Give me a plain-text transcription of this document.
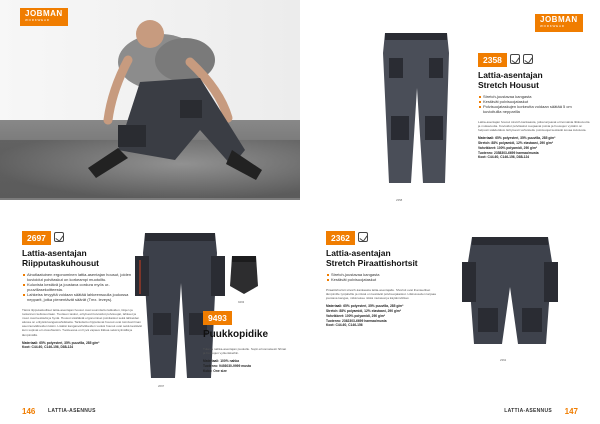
2697
Lattia-asentajan
Riipputaskuhousut
Ainutlaatuinen ergonominen lattia-asentajan housut, joiden kuvioidut polvitaskut on korkeampi muotoiltu.
Kuluvista kestävä ja joustava cordura myös ur- puuvillasekoitteesta.
Lahkeiss tevyyttä voidaan säätää lahkeensuulla joukossa nepparit, jotka pienentävät säärät (Tmx. leveys).
Tämä riipputaskulliset lattia-asentajan housut ovat suunniteltu lattioiden, tilojen ja tuotannon kellosuurtaan. Tuotteen taskut, erityisesti kuvioidut polvisuojat, lahkeet ja muut ovat kestäviä ja hyviä. Housut sisältävät ergonomiset polvitaskut sekä lahkeiden alussa on erityisiä kangasvahvikkeita. Tarkoitettu riippuilevat housut ovat toimivat ilman asennusvälineiden käsin. Lisäksi kangasvahvikkeiden vuoksi housut ovat sekä kestävät kuin sopivat eri olosuhteisiin. Tuotteessa on hyvä vapaus liikkua sekä kylmällä ja lämpimällä.
Materiaali: 65% polyesteri, 35% puuvilla, 285 g/m²
Koot: C44-60, C146-156, D88-124
2697
9493
9493
Puukkopidike
Tukeva nahka-asentajan puukolle. Sopii erinomaisesti hihnat ja housujen vyölenkkeihin.
Materiaali: 100% nahka
Tuotenro: 9493030-9999 musta
Koko: One size
146	LATTIA-ASENNUS
JOBMAN
WORKWEAR	JOBMAN
WORKWEAR
2358
2358
Lattia-asentajan
Stretch Housut
Stretch-joustavaa kangasta
Kestävät polvisuojataskut
Polvisuojataskujen korkeutta voidaan säätää 5 cm kuvioituilla nepparilla
Lattia-asentajan housut stretch-kankaasta, jotka tarjoavat erinomaista liikkuvuutta ja mukavuutta. Kuvioidut polvitaskut suojaavat polvia ja housujen vyötärö on helposti säädettävä. Erityisesti vahvistettu polvisuojat kestävät kovaa kulutusta.
Materiaali: 65% polyesteri, 35% puuvilla, 285 g/m²
Stretch: 88% polyamidi, 12% elastaani, 290 g/m²
Vahvikkeet: 100% polyamidi, 290 g/m²
Tuotenro: 2358303-6699 harmaa/musta
Koot: C44-60, C146-156, D88-124
2362
Lattia-asentajan
Stretch Piraattishortsit
Stretch-joustavaa kangasta
Kestävät polvisuojataskut
Piraattishortsit stretch-kankaasta lattia-asentajalle. Shortsit ovat ihanteelliset lämpimille työpäiville ja niissä on kestävät polvisuojataskut. Liikkuvuuden tarjoaa joustava kangas, mikä tekee niistä mukavat ja käytännölliset.
Materiaali: 65% polyesteri, 35% puuvilla, 285 g/m²
Stretch: 88% polyamidi, 12% elastaani, 290 g/m²
Vahvikkeet: 100% polyamidi, 290 g/m²
Tuotenro: 2362303-6699 harmaa/musta
Koot: C44-60, C146-156
2362
LATTIA-ASENNUS 147
